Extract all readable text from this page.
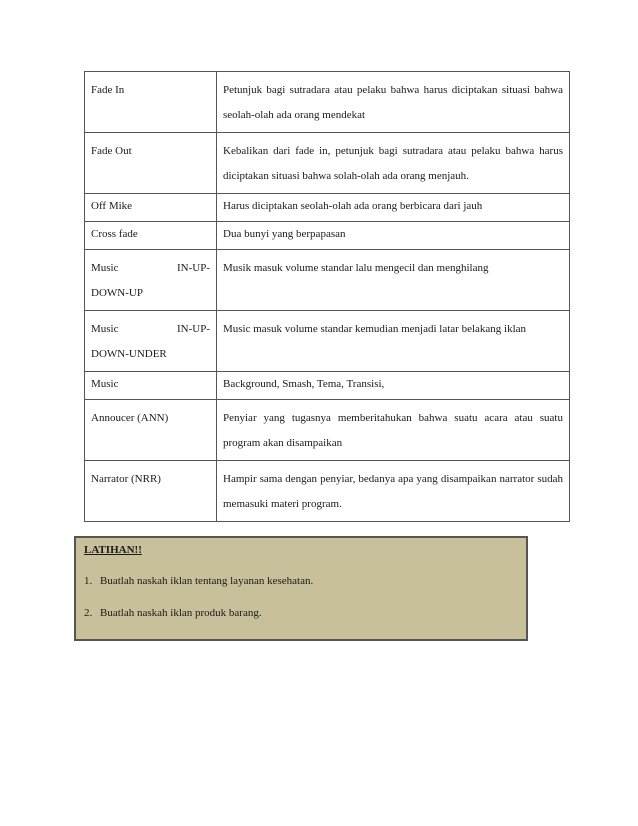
Fade In	Petunjuk bagi sutradara atau pelaku bahwa harus diciptakan situasi bahwa seolah-olah ada orang mendekat
Fade Out	Kebalikan dari fade in, petunjuk bagi sutradara atau pelaku bahwa harus diciptakan situasi bahwa solah-olah ada orang menjauh.
Off Mike	Harus diciptakan seolah-olah ada orang berbicara dari jauh
Cross fade	Dua bunyi yang berpapasan

Music IN-UP-
DOWN-UP	Musik masuk volume standar lalu mengecil dan menghilang

Music IN-UP-
DOWN-UNDER	Music masuk volume standar kemudian menjadi latar belakang iklan
Music	Background, Smash, Tema, Transisi,
Annoucer (ANN)	Penyiar yang tugasnya memberitahukan bahwa suatu acara atau suatu program akan disampaikan
Narrator (NRR)	Hampir sama dengan penyiar, bedanya apa yang disampaikan narrator sudah memasuki materi program.
LATIHAN!!
1. Buatlah naskah iklan tentang layanan kesehatan.
2. Buatlah naskah iklan produk barang.
